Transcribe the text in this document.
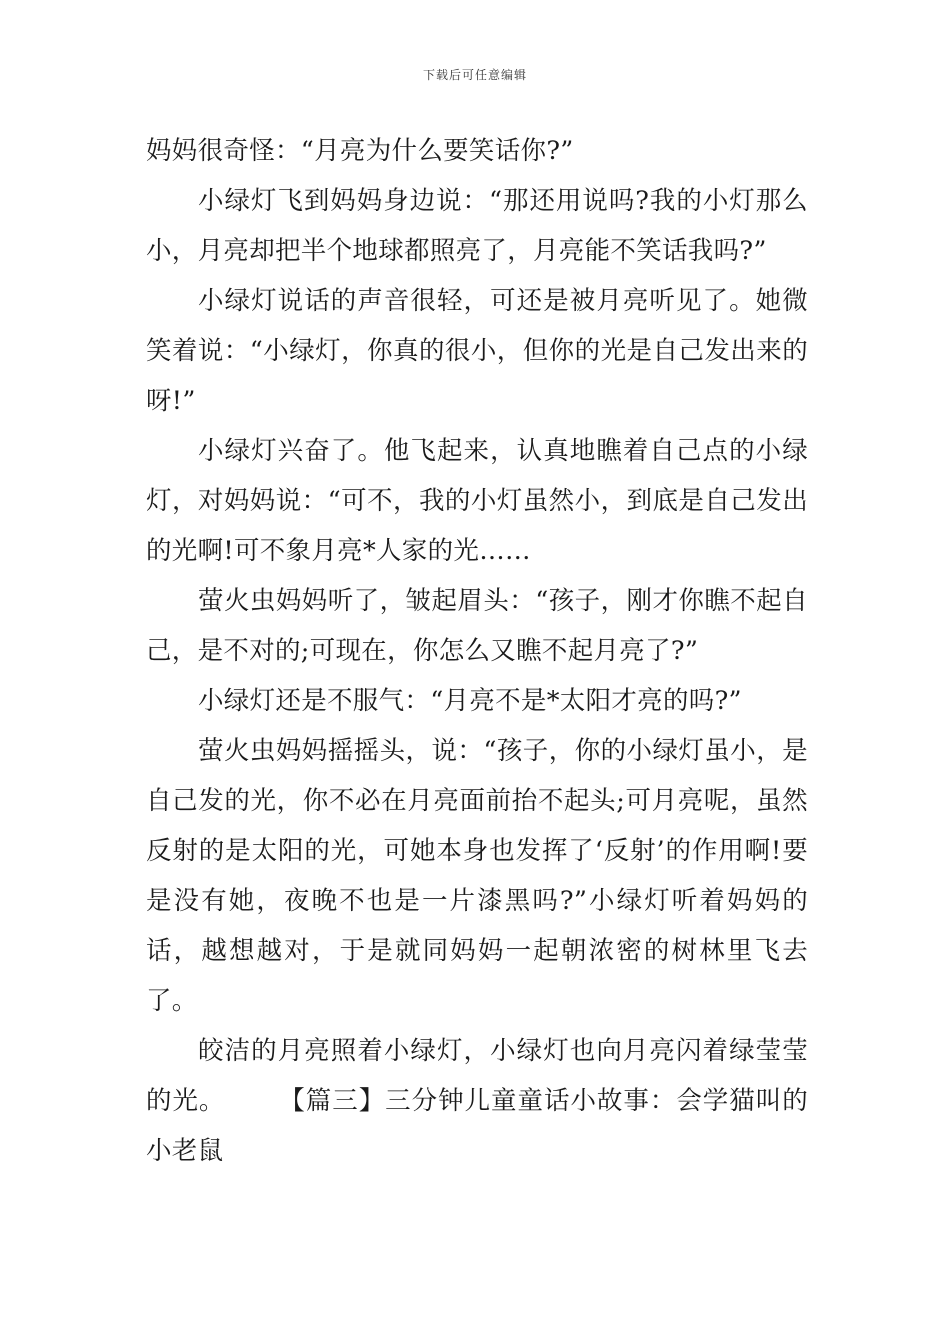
下载后可任意编辑

妈妈很奇怪：“月亮为什么要笑话你?”

小绿灯飞到妈妈身边说：“那还用说吗?我的小灯那么小，月亮却把半个地球都照亮了，月亮能不笑话我吗?”

小绿灯说话的声音很轻，可还是被月亮听见了。她微笑着说：“小绿灯，你真的很小，但你的光是自己发出来的呀!”

小绿灯兴奋了。他飞起来，认真地瞧着自己点的小绿灯，对妈妈说：“可不，我的小灯虽然小，到底是自己发出的光啊!可不象月亮*人家的光……

萤火虫妈妈听了，皱起眉头：“孩子，刚才你瞧不起自己，是不对的;可现在，你怎么又瞧不起月亮了?”

小绿灯还是不服气：“月亮不是*太阳才亮的吗?”

萤火虫妈妈摇摇头，说：“孩子，你的小绿灯虽小，是自己发的光，你不必在月亮面前抬不起头;可月亮呢，虽然反射的是太阳的光，可她本身也发挥了‘反射’的作用啊!要是没有她，夜晚不也是一片漆黑吗?”小绿灯听着妈妈的话，越想越对，于是就同妈妈一起朝浓密的树林里飞去了。

皎洁的月亮照着小绿灯，小绿灯也向月亮闪着绿莹莹的光。　　　【篇三】三分钟儿童童话小故事：会学猫叫的小老鼠
